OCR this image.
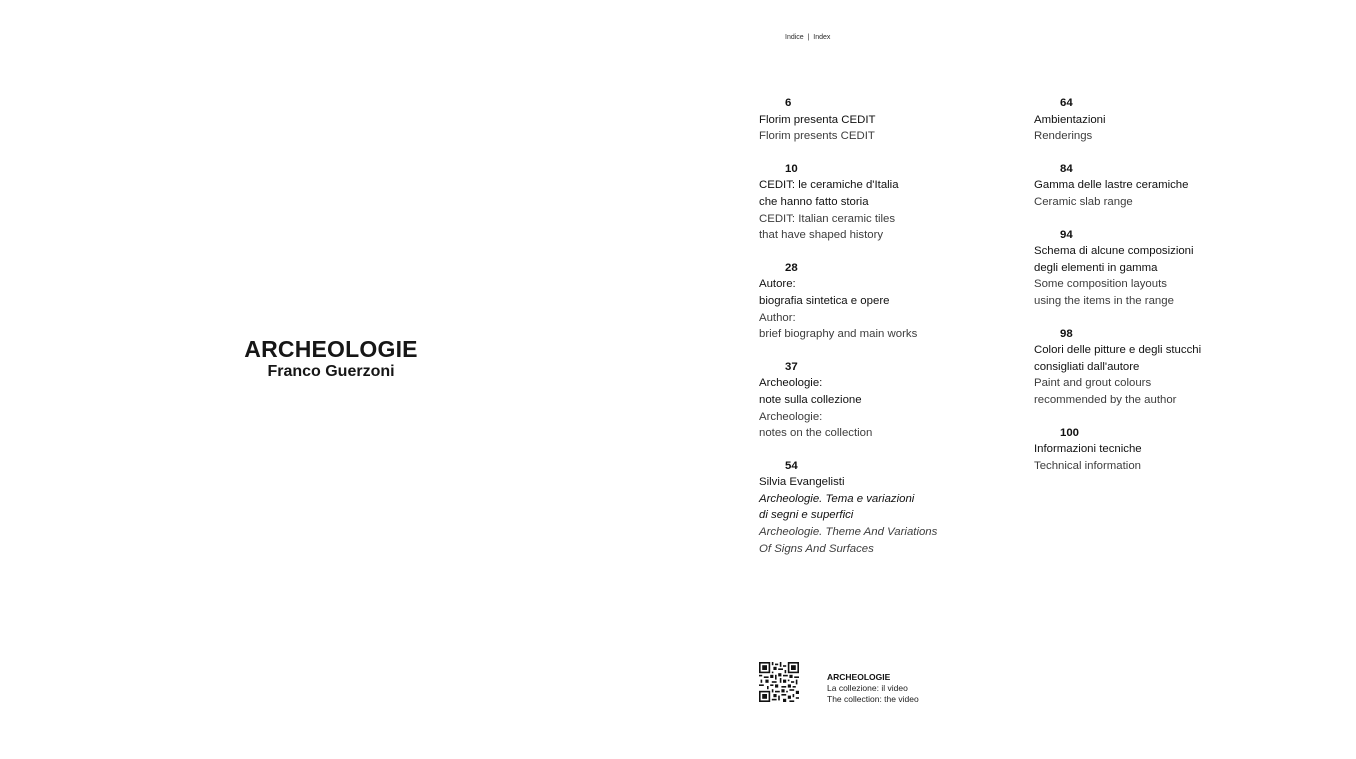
ARCHEOLOGIE
Franco Guerzoni
Indice  |  Index
6
Florim presenta CEDIT
Florim presents CEDIT
10
CEDIT: le ceramiche d'Italia
che hanno fatto storia
CEDIT: Italian ceramic tiles
that have shaped history
28
Autore:
biografia sintetica e opere
Author:
brief biography and main works
37
Archeologie:
note sulla collezione
Archeologie:
notes on the collection
54
Silvia Evangelisti
Archeologie. Tema e variazioni
di segni e superfici
Archeologie. Theme And Variations
Of Signs And Surfaces
64
Ambientazioni
Renderings
84
Gamma delle lastre ceramiche
Ceramic slab range
94
Schema di alcune composizioni
degli elementi in gamma
Some composition layouts
using the items in the range
98
Colori delle pitture e degli stucchi
consigliati dall'autore
Paint and grout colours
recommended by the author
100
Informazioni tecniche
Technical information
ARCHEOLOGIE
La collezione: il video
The collection: the video
